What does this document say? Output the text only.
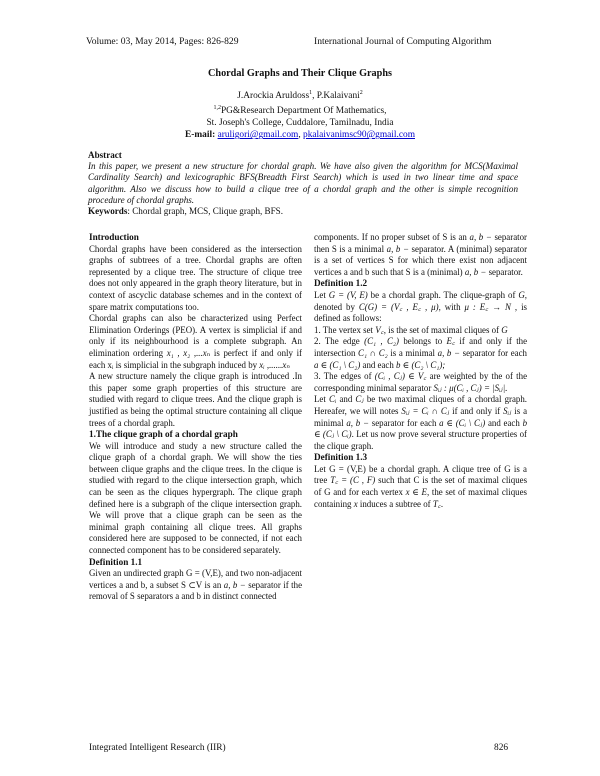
Volume: 03, May 2014, Pages: 826-829	International Journal of Computing Algorithm
Chordal Graphs and Their Clique Graphs
J.Arockia Aruldoss$^1$, P.Kalaivani$^2$
$^{1,2}$PG&Research Department Of Mathematics,
St. Joseph's College, Cuddalore, Tamilnadu, India
E-mail: aruligori@gmail.com, pkalaivanimsc90@gmail.com
Abstract
In this paper, we present a new structure for chordal graph. We have also given the algorithm for MCS(Maximal Cardinality Search) and lexicographic BFS(Breadth First Search) which is used in two linear time and space algorithm. Also we discuss how to build a clique tree of a chordal graph and the other is simple recognition procedure of chordal graphs.
Keywords: Chordal graph, MCS, Clique graph, BFS.

Introduction

Chordal graphs have been considered as the intersection graphs of subtrees of a tree. Chordal graphs are often represented by a clique tree. The structure of clique tree does not only appeared in the graph theory literature, but in context of ascyclic database schemes and in the context of spare matrix computations too.

Chordal graphs can also be characterized using Perfect Elimination Orderings (PEO). A vertex is simplicial if and only if its neighbourhood is a complete subgraph. An elimination ordering x₁ , x₂ ,...xₙ is perfect if and only if each xᵢ is simplicial in the subgraph induced by xᵢ ,......xₙ

A new structure namely the clique graph is introduced .In this paper some graph properties of this structure are studied with regard to clique trees. And the clique graph is justified as being the optimal structure containing all clique trees of a chordal graph.

1.The clique graph of a chordal graph

We will introduce and study a new structure called the clique graph of a chordal graph. We will show the ties between clique graphs and the clique trees. In the clique is studied with regard to the clique intersection graph, which can be seen as the cliques hypergraph. The clique graph defined here is a subgraph of the clique intersection graph. We will prove that a clique graph can be seen as the minimal graph containing all clique trees. All graphs considered here are supposed to be connected, if not each connected component has to be considered separately.

Definition 1.1

Given an undirected graph G = (V,E), and two non-adjacent vertices a and b, a subset S ⊂V is an a, b − separator if the removal of S separators a and b in distinct connected

components. If no proper subset of S is an a, b − separator then S is a minimal a, b − separator. A (minimal) separator is a set of vertices S for which there exist non adjacent vertices a and b such that S is a (minimal) a, b − separator.

Definition 1.2

Let G = (V, E) be a chordal graph. The clique-graph of G, denoted by C(G) = (V꜀ , E꜀ , μ), with μ : E꜀ → N , is defined as follows:

1. The vertex set V꜀, is the set of maximal cliques of G

2. The edge (C₁ , C₂) belongs to E꜀ if and only if the intersection C₁ ∩ C₂ is a minimal a, b − separator for each a ∈ (C₁ \ C₂) and each b ∈ (C₂ \ C₁);

3. The edges of (Cᵢ , Cⱼ) ∈ V꜀ are weighted by the of the corresponding minimal separator Sᵢⱼ : μ(Cᵢ , Cⱼ) = |Sᵢⱼ|.

Let Cᵢ and Cⱼ be two maximal cliques of a chordal graph. Hereafer, we will notes Sᵢⱼ = Cᵢ ∩ Cⱼ if and only if Sᵢⱼ is a minimal a, b − separator for each a ∈ (Cᵢ \ Cⱼ) and each b ∈ (Cⱼ \ Cᵢ). Let us now prove several structure properties of the clique graph.

Definition 1.3

Let G = (V,E) be a chordal graph. A clique tree of G is a tree T꜀ = (C , F) such that C is the set of maximal cliques of G and for each vertex x ∈ E, the set of maximal cliques containing x induces a subtree of T꜀.

Integrated Intelligent Research (IIR)	826
